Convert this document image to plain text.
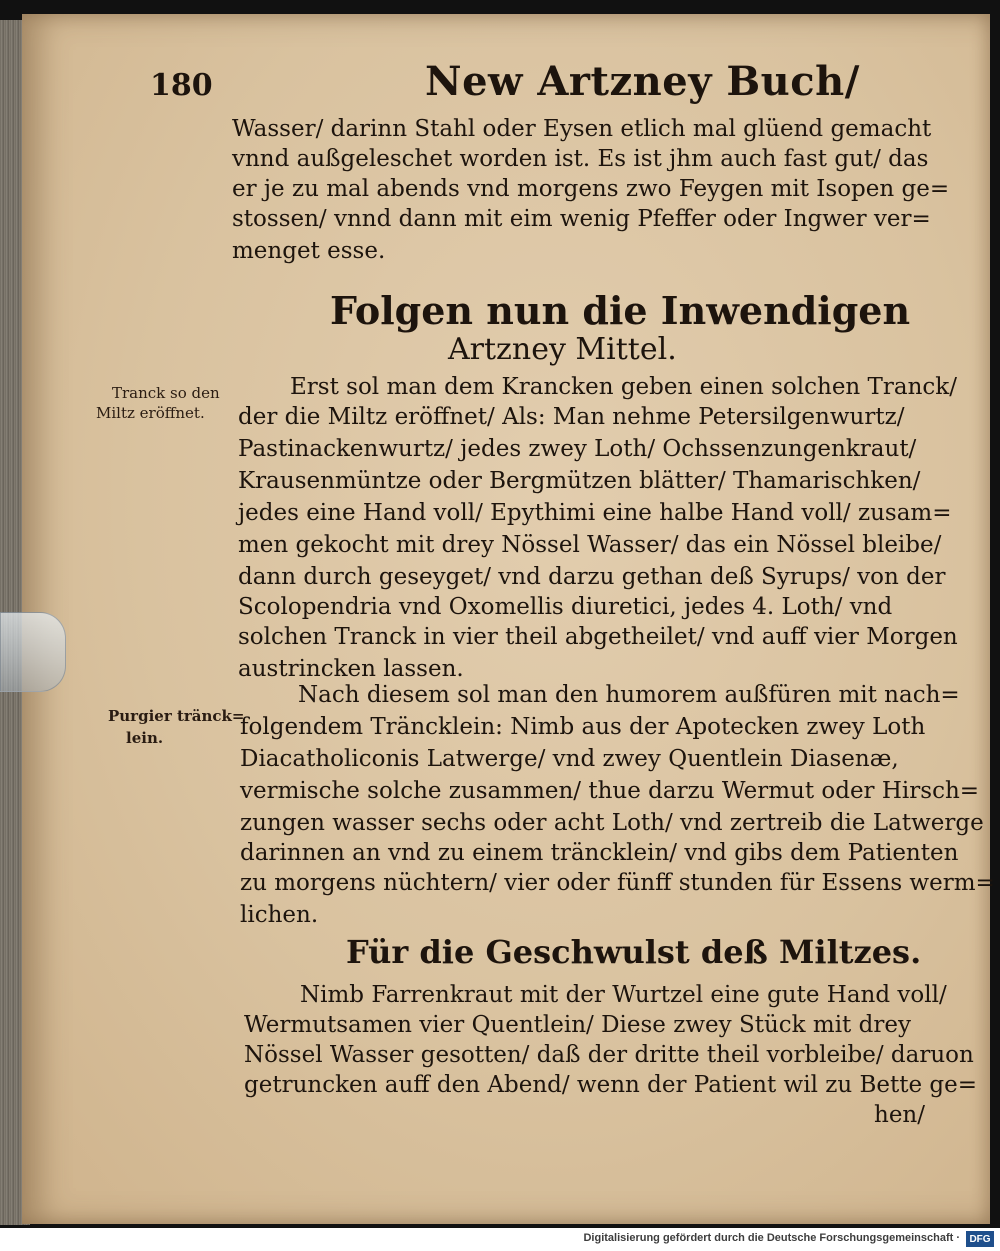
180	New Artzney Buch/
Wasser/ darinn Stahl oder Eysen etlich mal glüend gemacht
vnnd außgeleschet worden ist. Es ist jhm auch fast gut/ das
er je zu mal abends vnd morgens zwo Feygen mit Isopen ge=
stossen/ vnnd dann mit eim wenig Pfeffer oder Ingwer ver=
menget esse.
Folgen nun die Inwendigen
Artzney Mittel.
Tranck so den
Miltz eröffnet.
Purgier tränck=
lein.
Erst sol man dem Krancken geben einen solchen Tranck/
der die Miltz eröffnet/ Als: Man nehme Petersilgenwurtz/
Pastinackenwurtz/ jedes zwey Loth/ Ochssenzungenkraut/
Krausenmüntze oder Bergmützen blätter/ Thamarischken/
jedes eine Hand voll/ Epythimi eine halbe Hand voll/ zusam=
men gekocht mit drey Nössel Wasser/ das ein Nössel bleibe/
dann durch geseyget/ vnd darzu gethan deß Syrups/ von der
Scolopendria vnd Oxomellis diuretici, jedes 4. Loth/ vnd
solchen Tranck in vier theil abgetheilet/ vnd auff vier Morgen
austrincken lassen.
Nach diesem sol man den humorem außfüren mit nach=
folgendem Träncklein: Nimb aus der Apotecken zwey Loth
Diacatholiconis Latwerge/ vnd zwey Quentlein Diasenæ,
vermische solche zusammen/ thue darzu Wermut oder Hirsch=
zungen wasser sechs oder acht Loth/ vnd zertreib die Latwerge
darinnen an vnd zu einem träncklein/ vnd gibs dem Patienten
zu morgens nüchtern/ vier oder fünff stunden für Essens werm=
lichen.
Für die Geschwulst deß Miltzes.
Nimb Farrenkraut mit der Wurtzel eine gute Hand voll/
Wermutsamen vier Quentlein/ Diese zwey Stück mit drey
Nössel Wasser gesotten/ daß der dritte theil vorbleibe/ daruon
getruncken auff den Abend/ wenn der Patient wil zu Bette ge=
hen/
Digitalisierung gefördert durch die Deutsche Forschungsgemeinschaft · DFG
